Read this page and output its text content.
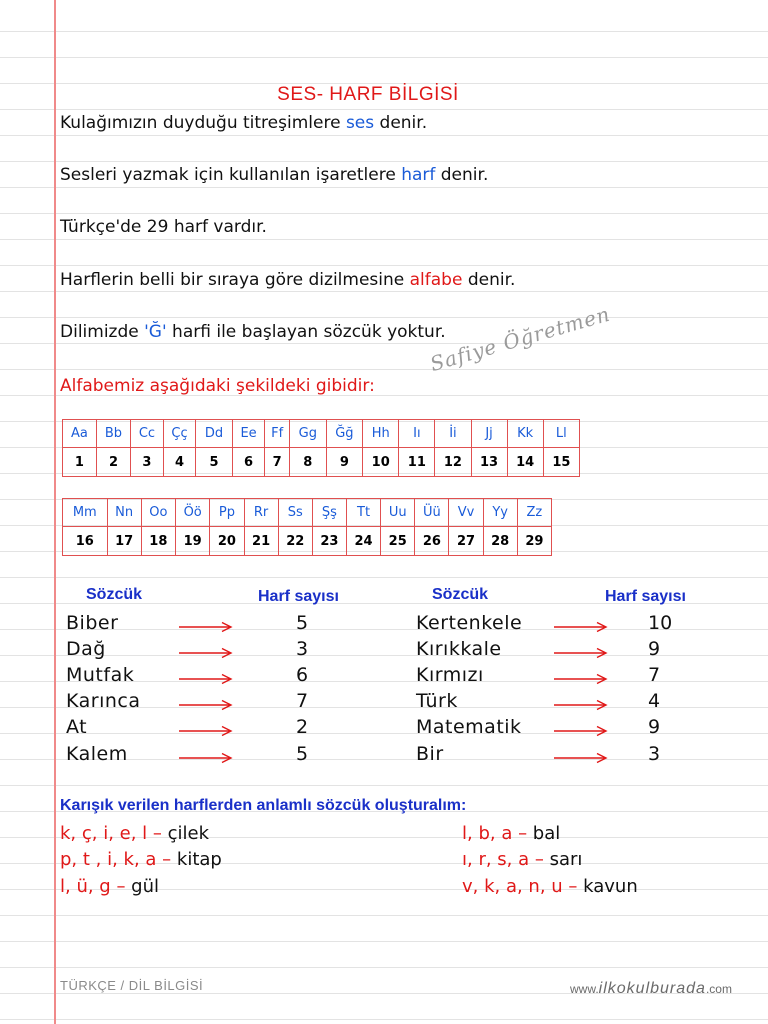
SES- HARF BİLGİSİ
Kulağımızın duyduğu titreşimlere ses denir.
Sesleri yazmak için kullanılan işaretlere harf denir.
Türkçe'de 29 harf vardır.
Harflerin belli bir sıraya göre dizilmesine alfabe denir.
Dilimizde 'Ğ' harfi ile başlayan sözcük yoktur.
Alfabemiz aşağıdaki şekildeki gibidir:
Safiye Öğretmen
Aa	Bb	Cc	Çç	Dd	Ee	Ff	Gg	Ğğ	Hh	Iı	İi	Jj	Kk	Ll
1	2	3	4	5	6	7	8	9	10	11	12	13	14	15
Mm	Nn	Oo	Öö	Pp	Rr	Ss	Şş	Tt	Uu	Üü	Vv	Yy	Zz
16	17	18	19	20	21	22	23	24	25	26	27	28	29
Sözcük	Harf sayısı	Sözcük	Harf sayısı
Biber	5
Dağ	3
Mutfak	6
Karınca	7
At	2
Kalem	5
Kertenkele	10
Kırıkkale	9
Kırmızı	7
Türk	4
Matematik	9
Bir	3
Karışık verilen harflerden anlamlı sözcük oluşturalım:
k, ç, i, e, l – çilek
p, t , i, k, a – kitap
l, ü, g – gül
l, b, a – bal
ı, r, s, a – sarı
v, k, a, n, u – kavun
TÜRKÇE / DİL BİLGİSİ	www.ilkokulburada.com
